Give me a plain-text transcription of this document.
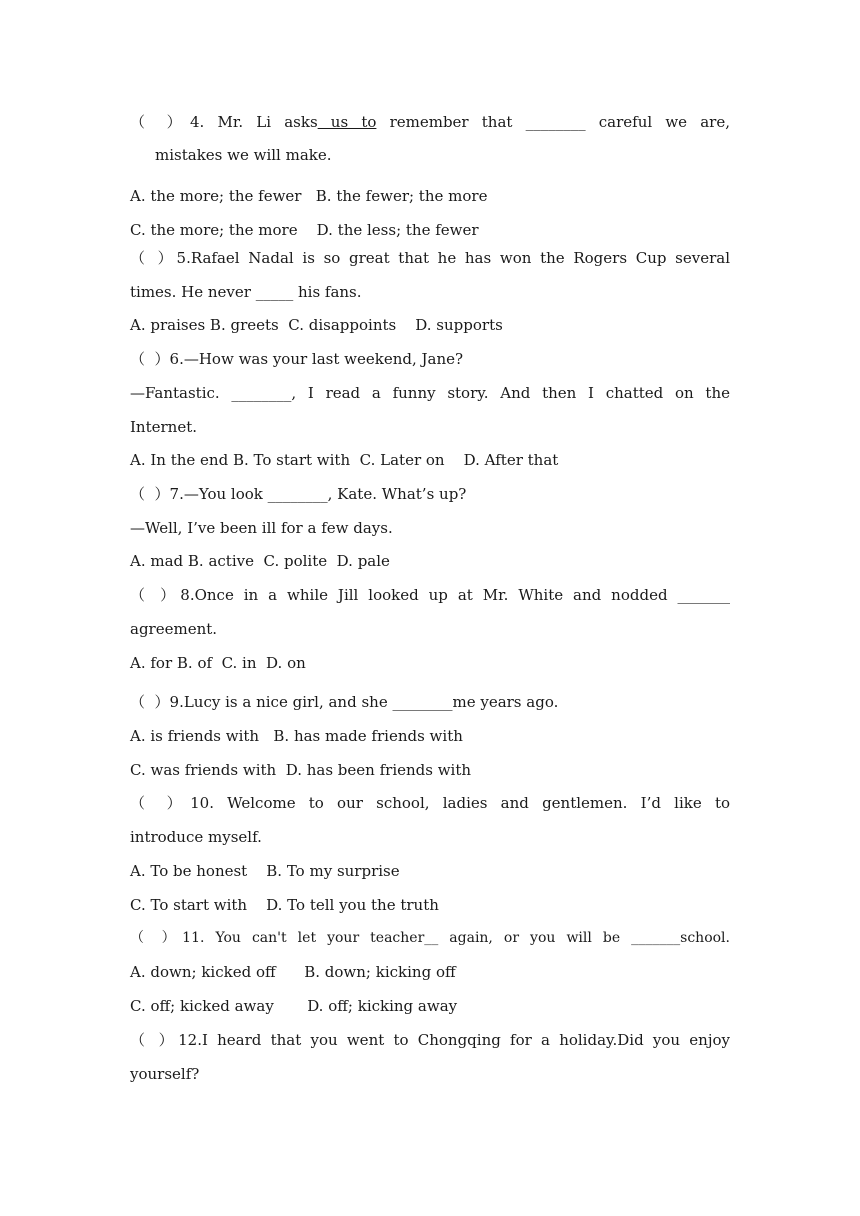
（ ）4. Mr. Li asks us to remember that ________ careful we are,
mistakes we will make.
A. the more; the fewer   B. the fewer; the more
C. the more; the more    D. the less; the fewer
（ ）5.Rafael Nadal is so great that he has won the Rogers Cup several
times. He never _____ his fans.
A. praises B. greets  C. disappoints    D. supports
（  ）6.—How was your last weekend, Jane?
—Fantastic. ________, I read a funny story. And then I chatted on the
Internet.
A. In the end B. To start with  C. Later on    D. After that
（  ）7.—You look ________, Kate. What’s up?
—Well, I’ve been ill for a few days.
A. mad B. active  C. polite  D. pale
（ ）8.Once in a while Jill looked up at Mr. White and nodded _______
agreement.
A. for B. of  C. in  D. on
（  ）9.Lucy is a nice girl, and she ________me years ago.
A. is friends with   B. has made friends with
C. was friends with  D. has been friends with
（ ）10. Welcome to our school, ladies and gentlemen. I’d like to
introduce myself.
A. To be honest    B. To my surprise
C. To start with    D. To tell you the truth
（ ）11. You can't let your teacher__ again, or you will be _______school.
A. down; kicked off      B. down; kicking off
C. off; kicked away       D. off; kicking away
（ ）12.I heard that you went to Chongqing for a holiday.Did you enjoy
yourself?
